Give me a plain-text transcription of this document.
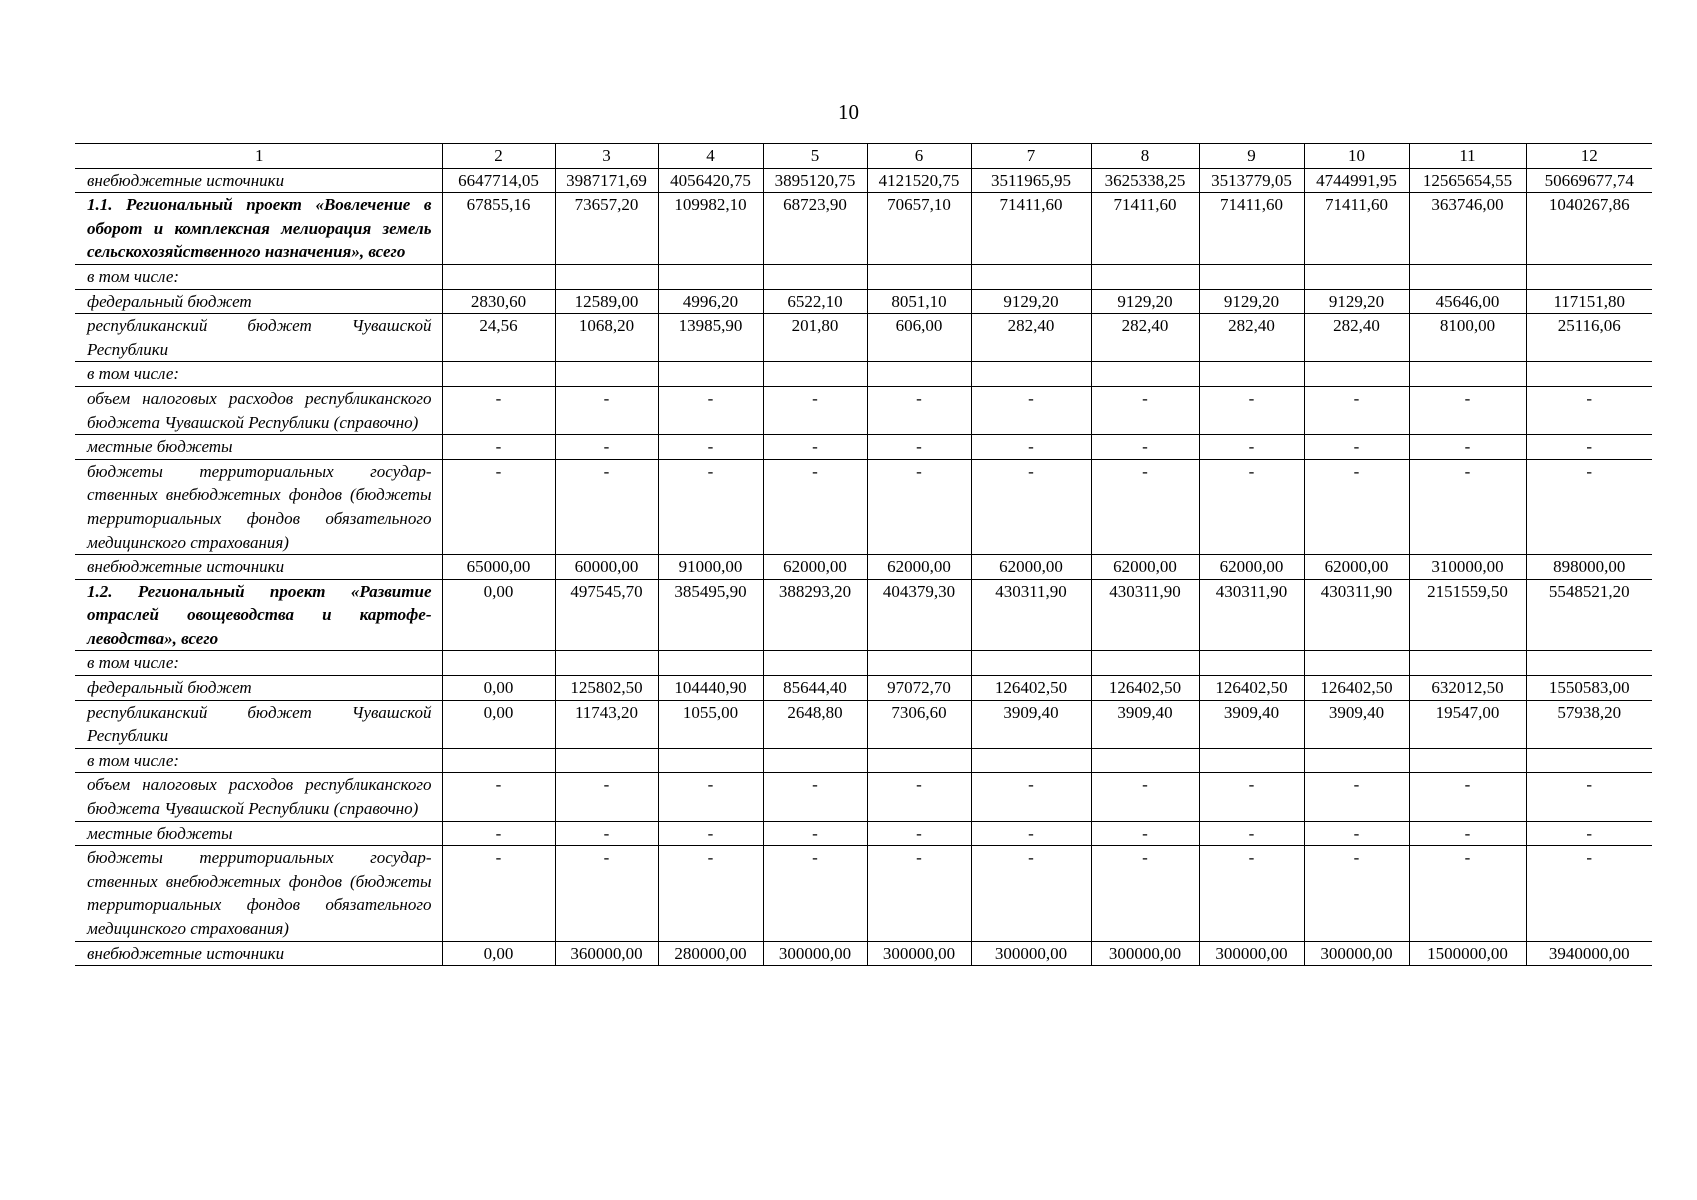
10
1	2	3	4	5	6	7	8	9	10	11	12
внебюджетные источники	6647714,05	3987171,69	4056420,75	3895120,75	4121520,75	3511965,95	3625338,25	3513779,05	4744991,95	12565654,55	50669677,74
1.1. Региональный проект «Вовлечение в оборот и комплексная мелиорация земель сельскохозяйственного назначения», всего	67855,16	73657,20	109982,10	68723,90	70657,10	71411,60	71411,60	71411,60	71411,60	363746,00	1040267,86
в том числе:											
федеральный бюджет	2830,60	12589,00	4996,20	6522,10	8051,10	9129,20	9129,20	9129,20	9129,20	45646,00	117151,80
республиканский бюджет Чувашской Республики	24,56	1068,20	13985,90	201,80	606,00	282,40	282,40	282,40	282,40	8100,00	25116,06
в том числе:											
объем налоговых расходов республиканского бюджета Чувашской Республики (справочно)	-	-	-	-	-	-	-	-	-	-	-
местные бюджеты	-	-	-	-	-	-	-	-	-	-	-
бюджеты территориальных государственных внебюджетных фондов (бюджеты территориальных фондов обязательного медицинского страхования)	-	-	-	-	-	-	-	-	-	-	-
внебюджетные источники	65000,00	60000,00	91000,00	62000,00	62000,00	62000,00	62000,00	62000,00	62000,00	310000,00	898000,00
1.2. Региональный проект «Развитие отраслей овощеводства и картофелеводства», всего	0,00	497545,70	385495,90	388293,20	404379,30	430311,90	430311,90	430311,90	430311,90	2151559,50	5548521,20
в том числе:											
федеральный бюджет	0,00	125802,50	104440,90	85644,40	97072,70	126402,50	126402,50	126402,50	126402,50	632012,50	1550583,00
республиканский бюджет Чувашской Республики	0,00	11743,20	1055,00	2648,80	7306,60	3909,40	3909,40	3909,40	3909,40	19547,00	57938,20
в том числе:											
объем налоговых расходов республиканского бюджета Чувашской Республики (справочно)	-	-	-	-	-	-	-	-	-	-	-
местные бюджеты	-	-	-	-	-	-	-	-	-	-	-
бюджеты территориальных государственных внебюджетных фондов (бюджеты территориальных фондов обязательного медицинского страхования)	-	-	-	-	-	-	-	-	-	-	-
внебюджетные источники	0,00	360000,00	280000,00	300000,00	300000,00	300000,00	300000,00	300000,00	300000,00	1500000,00	3940000,00
